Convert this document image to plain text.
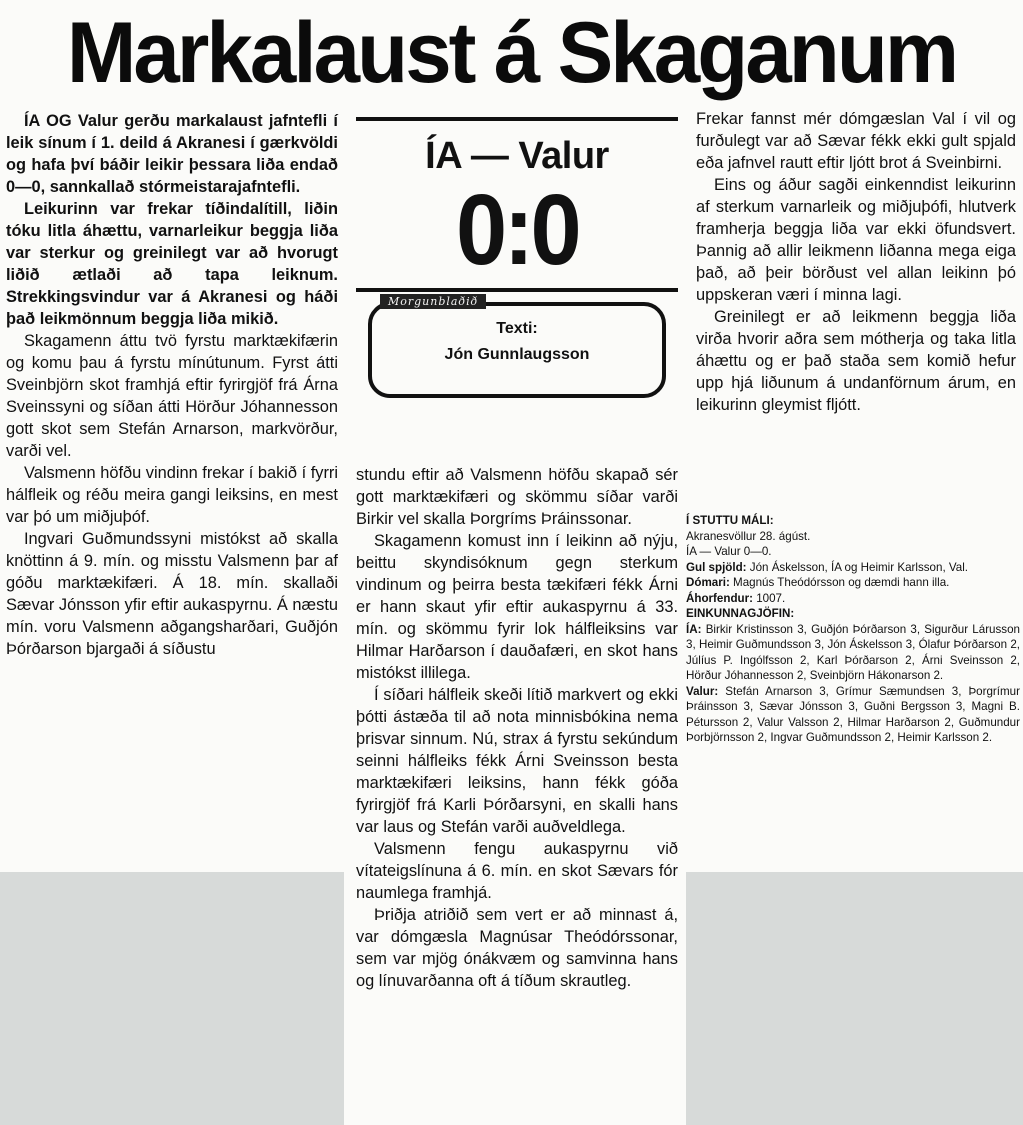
Markalaust á Skaganum

ÍA OG Valur gerðu markalaust jafntefli í leik sínum í 1. deild á Akranesi í gærkvöldi og hafa því báðir leikir þessara liða endað 0—0, sannkallað stórmeistarajafntefli.

Leikurinn var frekar tíðindalítill, liðin tóku litla áhættu, varnarleikur beggja liða var sterkur og greinilegt var að hvorugt liðið ætlaði að tapa leiknum. Strekkingsvindur var á Akranesi og háði það leikmönnum beggja liða mikið.

Skagamenn áttu tvö fyrstu marktækifærin og komu þau á fyrstu mínútunum. Fyrst átti Sveinbjörn skot framhjá eftir fyrirgjöf frá Árna Sveinssyni og síðan átti Hörður Jóhannesson gott skot sem Stefán Arnarson, markvörður, varði vel.

Valsmenn höfðu vindinn frekar í bakið í fyrri hálfleik og réðu meira gangi leiksins, en mest var þó um miðjuþóf.

Ingvari Guðmundssyni mistókst að skalla knöttinn á 9. mín. og misstu Valsmenn þar af góðu marktækifæri. Á 18. mín. skallaði Sævar Jónsson yfir eftir aukaspyrnu. Á næstu mín. voru Valsmenn aðgangsharðari, Guðjón Þórðarson bjargaði á síðustu

ÍA — Valur
0:0
Morgunblaðið
Texti:
Jón Gunnlaugsson

stundu eftir að Valsmenn höfðu skapað sér gott marktækifæri og skömmu síðar varði Birkir vel skalla Þorgríms Þráinssonar.

Skagamenn komust inn í leikinn að nýju, beittu skyndisóknum gegn sterkum vindinum og þeirra besta tækifæri fékk Árni er hann skaut yfir eftir aukaspyrnu á 33. mín. og skömmu fyrir lok hálfleiksins var Hilmar Harðarson í dauðafæri, en skot hans mistókst illilega.

Í síðari hálfleik skeði lítið markvert og ekki þótti ástæða til að nota minnisbókina nema þrisvar sinnum. Nú, strax á fyrstu sekúndum seinni hálfleiks fékk Árni Sveinsson besta marktækifæri leiksins, hann fékk góða fyrirgjöf frá Karli Þórðarsyni, en skalli hans var laus og Stefán varði auðveldlega.

Valsmenn fengu aukaspyrnu við vítateigslínuna á 6. mín. en skot Sævars fór naumlega framhjá.

Þriðja atriðið sem vert er að minnast á, var dómgæsla Magnúsar Theódórssonar, sem var mjög ónákvæm og samvinna hans og línuvarðanna oft á tíðum skrautleg.

Frekar fannst mér dómgæslan Val í vil og furðulegt var að Sævar fékk ekki gult spjald eða jafnvel rautt eftir ljótt brot á Sveinbirni.

Eins og áður sagði einkenndist leikurinn af sterkum varnarleik og miðjuþófi, hlutverk framherja beggja liða var ekki öfundsvert. Þannig að allir leikmenn liðanna mega eiga það, að þeir börðust vel allan leikinn þó uppskeran væri í minna lagi.

Greinilegt er að leikmenn beggja liða virða hvorir aðra sem mótherja og taka litla áhættu og er það staða sem komið hefur upp hjá liðunum á undanförnum árum, en leikurinn gleymist fljótt.

Í STUTTU MÁLI:

Akranesvöllur 28. ágúst.

ÍA — Valur 0—0.

Gul spjöld: Jón Áskelsson, ÍA og Heimir Karlsson, Val.

Dómari: Magnús Theódórsson og dæmdi hann illa.

Áhorfendur: 1007.

EINKUNNAGJÖFIN:

ÍA: Birkir Kristinsson 3, Guðjón Þórðarson 3, Sigurður Lárusson 3, Heimir Guðmundsson 3, Jón Áskelsson 3, Ólafur Þórðarson 2, Júlíus P. Ingólfsson 2, Karl Þórðarson 2, Árni Sveinsson 2, Hörður Jóhannesson 2, Sveinbjörn Hákonarson 2.

Valur: Stefán Arnarson 3, Grímur Sæmundsen 3, Þorgrímur Þráinsson 3, Sævar Jónsson 3, Guðni Bergsson 3, Magni B. Pétursson 2, Valur Valsson 2, Hilmar Harðarson 2, Guðmundur Þorbjörnsson 2, Ingvar Guðmundsson 2, Heimir Karlsson 2.
